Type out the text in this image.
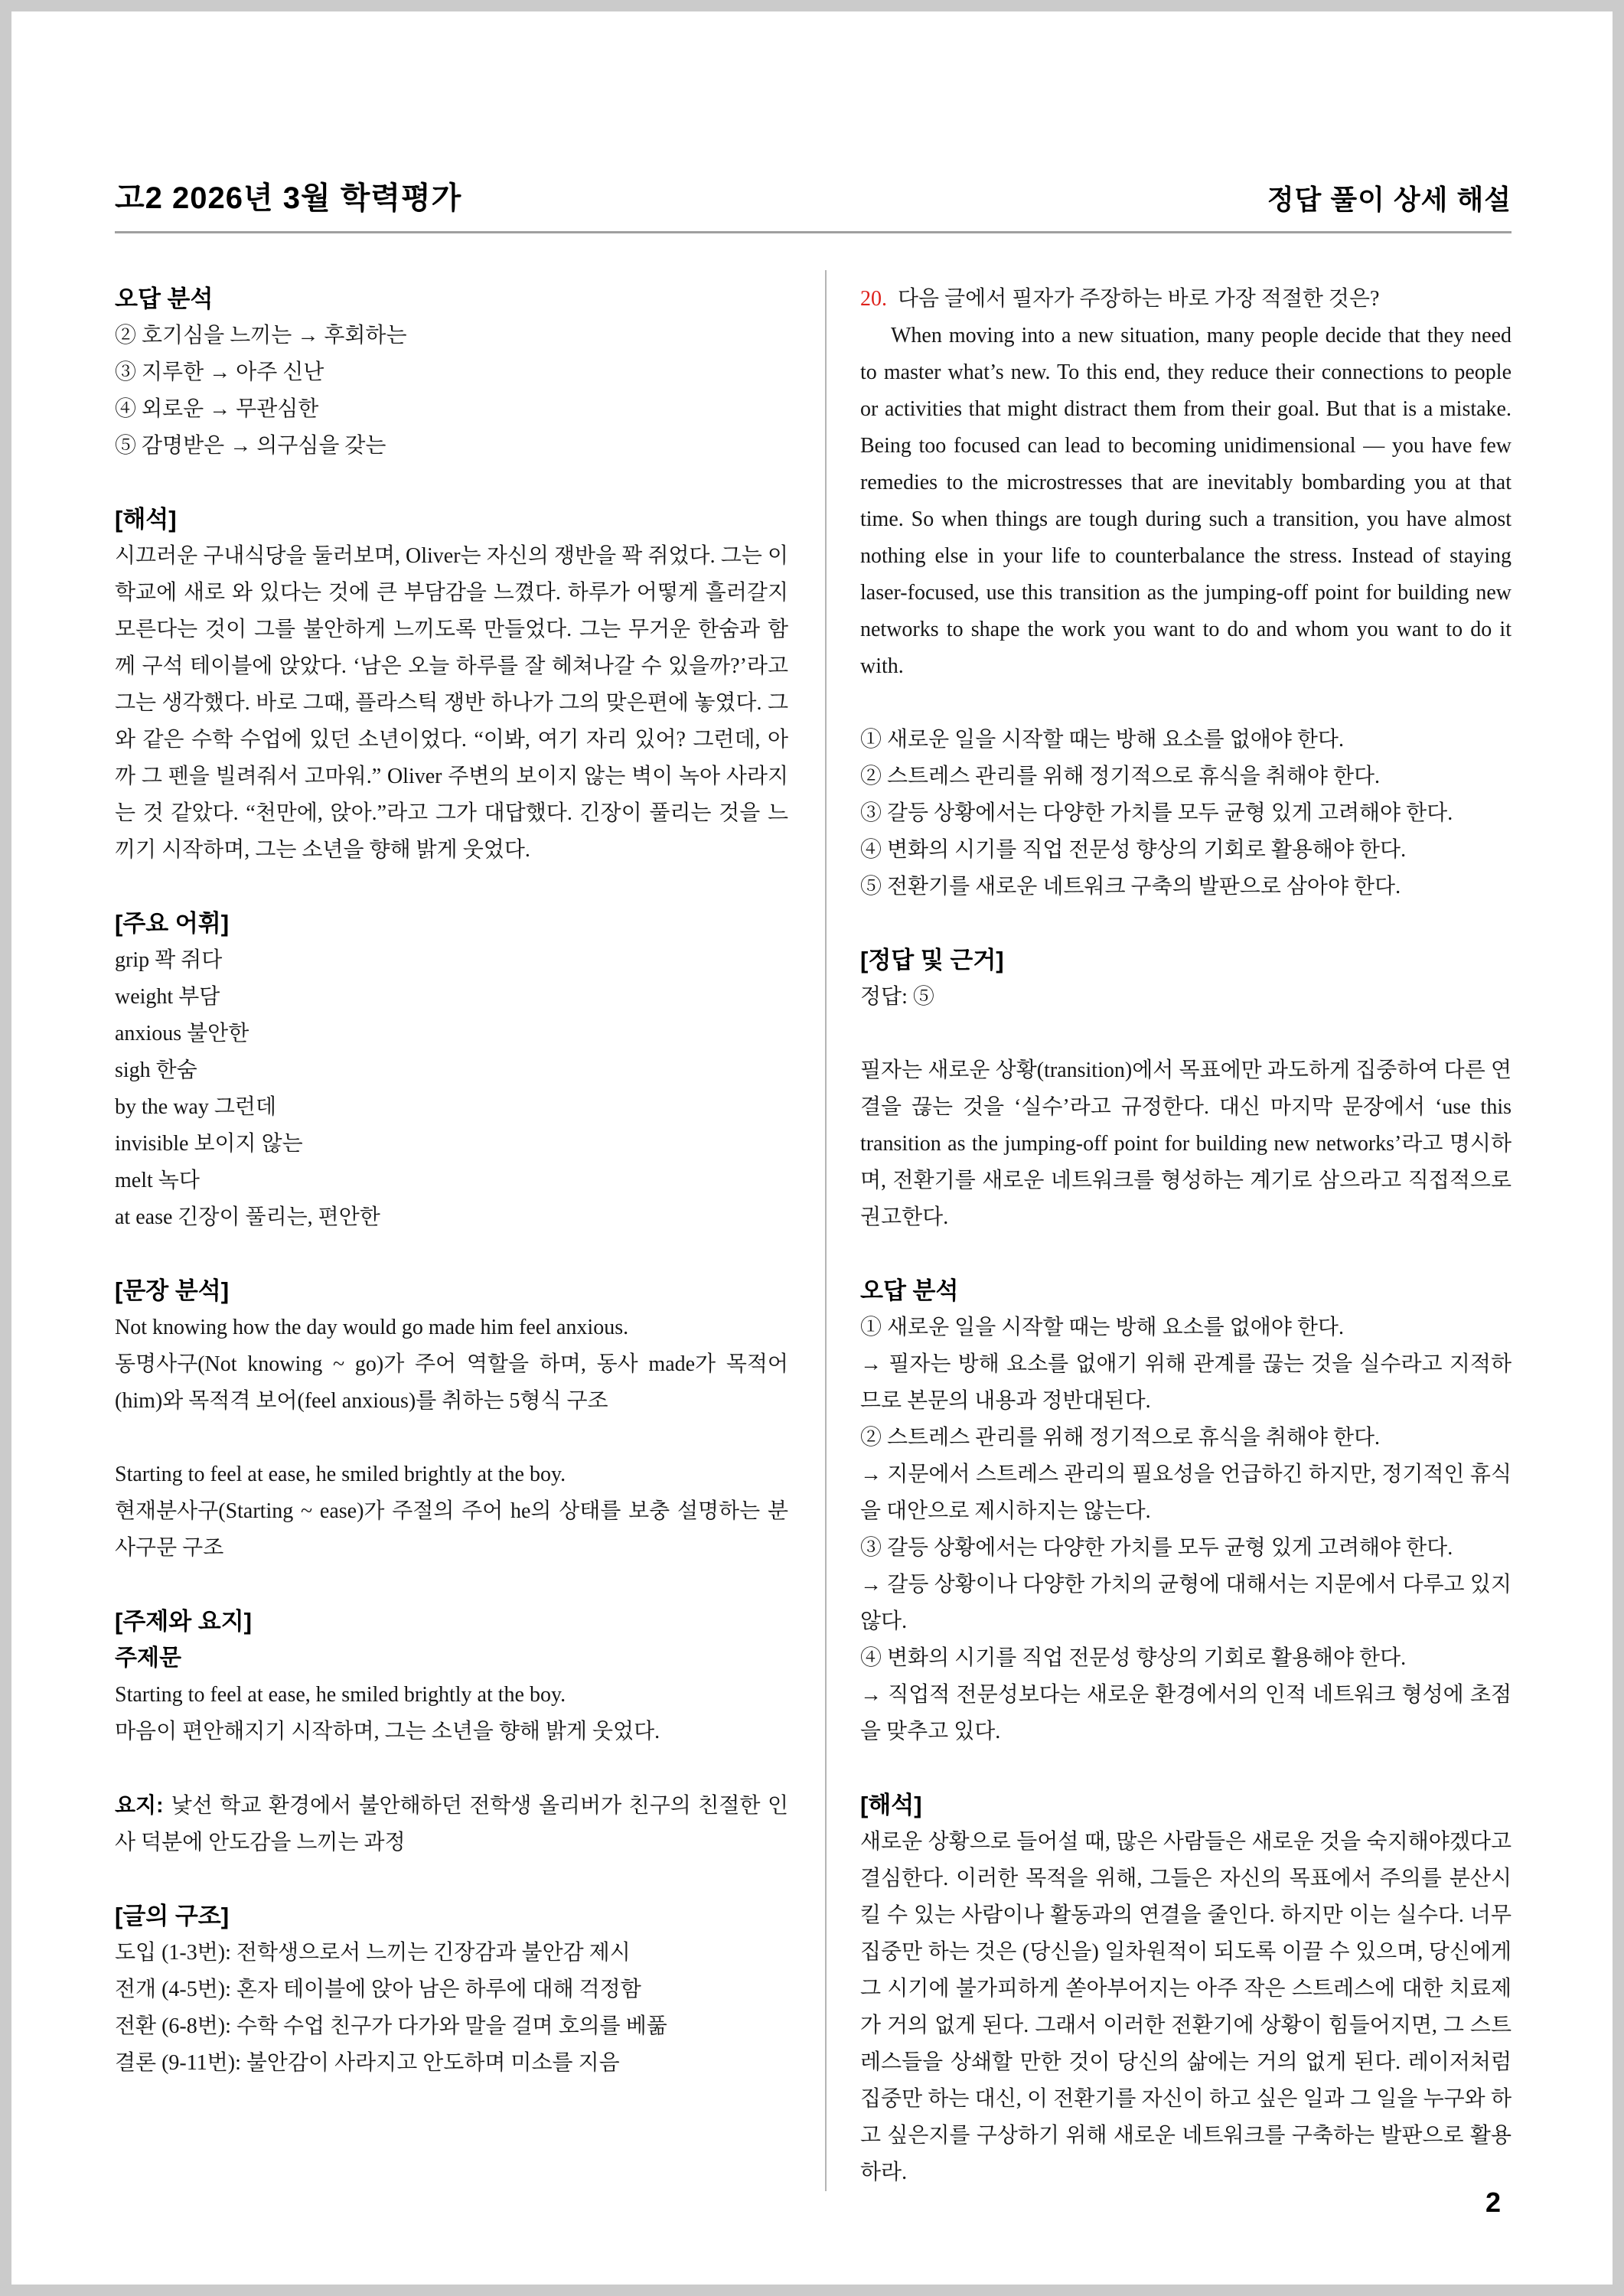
고2 2026년 3월 학력평가	정답 풀이 상세 해설
오답 분석

② 호기심을 느끼는 → 후회하는

③ 지루한 → 아주 신난

④ 외로운 → 무관심한

⑤ 감명받은 → 의구심을 갖는

[해석]

시끄러운 구내식당을 둘러보며, Oliver는 자신의 쟁반을 꽉 쥐었다. 그는 이 학교에 새로 와 있다는 것에 큰 부담감을 느꼈다. 하루가 어떻게 흘러갈지 모른다는 것이 그를 불안하게 느끼도록 만들었다. 그는 무거운 한숨과 함께 구석 테이블에 앉았다. ‘남은 오늘 하루를 잘 헤쳐나갈 수 있을까?’라고 그는 생각했다. 바로 그때, 플라스틱 쟁반 하나가 그의 맞은편에 놓였다. 그와 같은 수학 수업에 있던 소년이었다. “이봐, 여기 자리 있어? 그런데, 아까 그 펜을 빌려줘서 고마워.” Oliver 주변의 보이지 않는 벽이 녹아 사라지는 것 같았다. “천만에, 앉아.”라고 그가 대답했다. 긴장이 풀리는 것을 느끼기 시작하며, 그는 소년을 향해 밝게 웃었다.

[주요 어휘]

grip 꽉 쥐다

weight 부담

anxious 불안한

sigh 한숨

by the way 그런데

invisible 보이지 않는

melt 녹다

at ease 긴장이 풀리는, 편안한

[문장 분석]

Not knowing how the day would go made him feel anxious.

동명사구(Not knowing ~ go)가 주어 역할을 하며, 동사 made가 목적어(him)와 목적격 보어(feel anxious)를 취하는 5형식 구조

Starting to feel at ease, he smiled brightly at the boy.

현재분사구(Starting ~ ease)가 주절의 주어 he의 상태를 보충 설명하는 분사구문 구조

[주제와 요지]

주제문

Starting to feel at ease, he smiled brightly at the boy.

마음이 편안해지기 시작하며, 그는 소년을 향해 밝게 웃었다.

요지: 낯선 학교 환경에서 불안해하던 전학생 올리버가 친구의 친절한 인사 덕분에 안도감을 느끼는 과정

[글의 구조]

도입 (1-3번): 전학생으로서 느끼는 긴장감과 불안감 제시

전개 (4-5번): 혼자 테이블에 앉아 남은 하루에 대해 걱정함

전환 (6-8번): 수학 수업 친구가 다가와 말을 걸며 호의를 베풂

결론 (9-11번): 불안감이 사라지고 안도하며 미소를 지음

20. 다음 글에서 필자가 주장하는 바로 가장 적절한 것은?

When moving into a new situation, many people decide that they need to master what’s new. To this end, they reduce their connections to people or activities that might distract them from their goal. But that is a mistake. Being too focused can lead to becoming unidimensional — you have few remedies to the microstresses that are inevitably bombarding you at that time. So when things are tough during such a transition, you have almost nothing else in your life to counterbalance the stress. Instead of staying laser-focused, use this transition as the jumping-off point for building new networks to shape the work you want to do and whom you want to do it with.

① 새로운 일을 시작할 때는 방해 요소를 없애야 한다.

② 스트레스 관리를 위해 정기적으로 휴식을 취해야 한다.

③ 갈등 상황에서는 다양한 가치를 모두 균형 있게 고려해야 한다.

④ 변화의 시기를 직업 전문성 향상의 기회로 활용해야 한다.

⑤ 전환기를 새로운 네트워크 구축의 발판으로 삼아야 한다.

[정답 및 근거]

정답: ⑤

필자는 새로운 상황(transition)에서 목표에만 과도하게 집중하여 다른 연결을 끊는 것을 ‘실수’라고 규정한다. 대신 마지막 문장에서 ‘use this transition as the jumping-off point for building new networks’라고 명시하며, 전환기를 새로운 네트워크를 형성하는 계기로 삼으라고 직접적으로 권고한다.

오답 분석

① 새로운 일을 시작할 때는 방해 요소를 없애야 한다.

→ 필자는 방해 요소를 없애기 위해 관계를 끊는 것을 실수라고 지적하므로 본문의 내용과 정반대된다.

② 스트레스 관리를 위해 정기적으로 휴식을 취해야 한다.

→ 지문에서 스트레스 관리의 필요성을 언급하긴 하지만, 정기적인 휴식을 대안으로 제시하지는 않는다.

③ 갈등 상황에서는 다양한 가치를 모두 균형 있게 고려해야 한다.

→ 갈등 상황이나 다양한 가치의 균형에 대해서는 지문에서 다루고 있지 않다.

④ 변화의 시기를 직업 전문성 향상의 기회로 활용해야 한다.

→ 직업적 전문성보다는 새로운 환경에서의 인적 네트워크 형성에 초점을 맞추고 있다.

[해석]

새로운 상황으로 들어설 때, 많은 사람들은 새로운 것을 숙지해야겠다고 결심한다. 이러한 목적을 위해, 그들은 자신의 목표에서 주의를 분산시킬 수 있는 사람이나 활동과의 연결을 줄인다. 하지만 이는 실수다. 너무 집중만 하는 것은 (당신을) 일차원적이 되도록 이끌 수 있으며, 당신에게 그 시기에 불가피하게 쏟아부어지는 아주 작은 스트레스에 대한 치료제가 거의 없게 된다. 그래서 이러한 전환기에 상황이 힘들어지면, 그 스트레스들을 상쇄할 만한 것이 당신의 삶에는 거의 없게 된다. 레이저처럼 집중만 하는 대신, 이 전환기를 자신이 하고 싶은 일과 그 일을 누구와 하고 싶은지를 구상하기 위해 새로운 네트워크를 구축하는 발판으로 활용하라.

2
